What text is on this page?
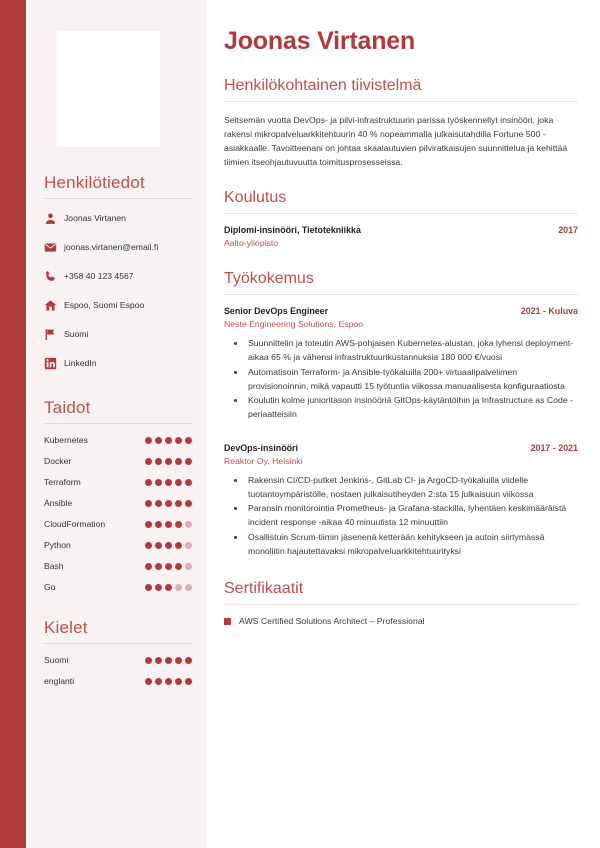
Henkilötiedot
Joonas Virtanen
joonas.virtanen@email.fi
+358 40 123 4567
Espoo, Suomi Espoo
Suomi
LinkedIn
Taidot
Kubernetes
Docker
Terraform
Ansible
CloudFormation
Python
Bash
Go
Kielet
Suomi
englanti
Joonas Virtanen
Henkilökohtainen tiivistelmä

Seitsemän vuotta DevOps- ja pilvi-infrastruktuurin parissa työskennellyt insinööri, joka rakensi mikropalveluarkkitehtuurin 40 % nopeammalla julkaisutahdilla Fortune 500 -asiakkaalle. Tavoitteenani on johtaa skaalautuvien pilviratkaisujen suunnittelua ja kehittää tiimien itseohjautuvuutta toimitusprosesseissa.

Koulutus
Diplomi-insinööri, Tietotekniikka	2017
Aalto-yliopisto
Työkokemus
Senior DevOps Engineer	2021 - Kuluva
Neste Engineering Solutions, Espoo
• Suunnittelin ja toteutin AWS-pohjaisen Kubernetes-alustan, joka lyhensi deployment-aikaa 65 % ja vähensi infrastruktuurikustannuksia 180 000 €/vuosi
• Automatisoin Terraform- ja Ansible-työkaluilla 200+ virtuaalipalvelimen provisionoinnin, mikä vapautti 15 työtuntia viikossa manuaalisesta konfiguraatiosta
• Koulutin kolme junioritason insinööriä GitOps-käytäntöihin ja Infrastructure as Code -periaatteisiin
DevOps-insinööri	2017 - 2021
Reaktor Oy, Helsinki
• Rakensin CI/CD-putket Jenkins-, GitLab CI- ja ArgoCD-työkaluilla viidelle tuotantoympäristölle, nostaen julkaisutiheyden 2:sta 15 julkaisuun viikossa
• Paransin monitorointia Prometheus- ja Grafana-stackilla, lyhentäen keskimääräistä incident response -aikaa 40 minuutista 12 minuuttiin
• Osallistuin Scrum-tiimin jäsenenä ketterään kehitykseen ja autoin siirtymässä monoliitin hajautettavaksi mikropalveluarkkitehtuurityksi
Sertifikaatit
AWS Certified Solutions Architect – Professional
